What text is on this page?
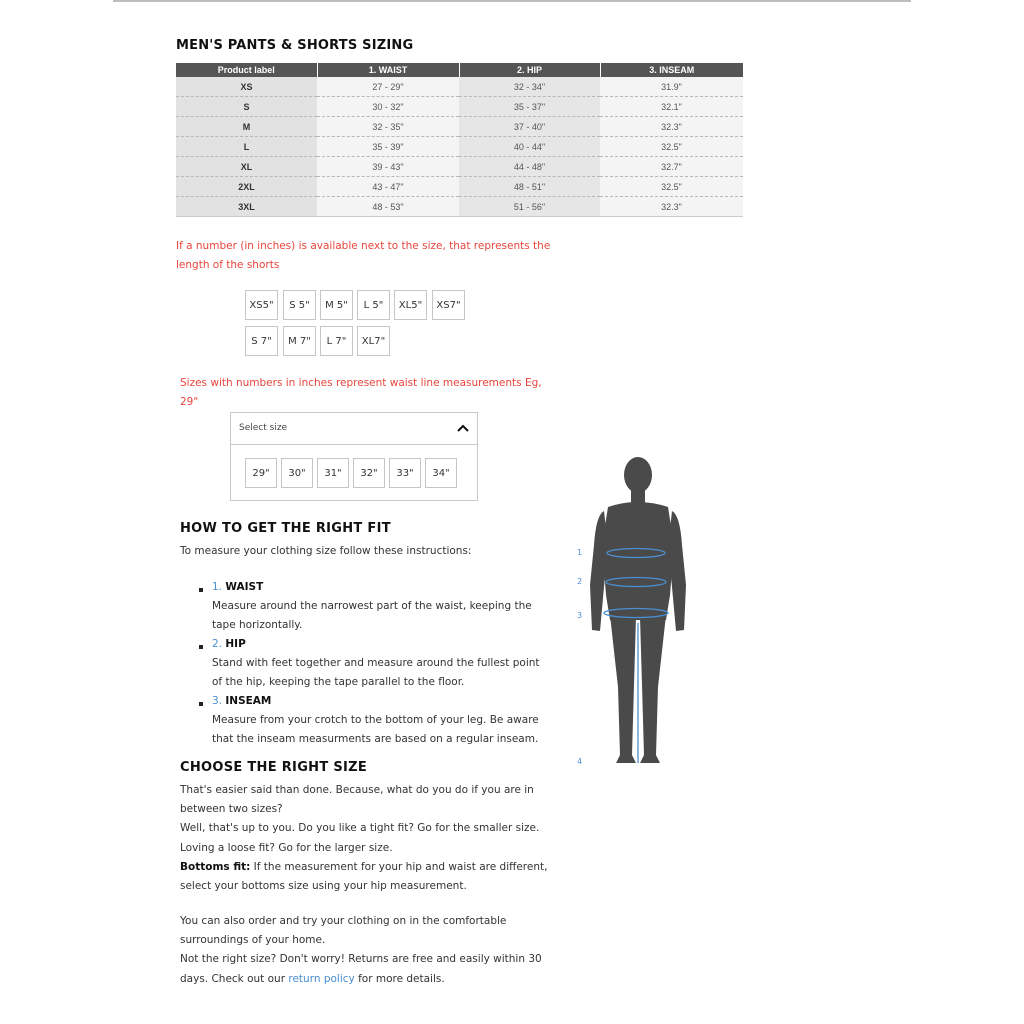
MEN'S PANTS & SHORTS SIZING
Product label	1. WAIST	2. HIP	3. INSEAM
XS	27 - 29"	32 - 34"	31.9"
S	30 - 32"	35 - 37"	32.1"
M	32 - 35"	37 - 40"	32.3"
L	35 - 39"	40 - 44"	32.5"
XL	39 - 43"	44 - 48"	32.7"
2XL	43 - 47"	48 - 51"	32.5"
3XL	48 - 53"	51 - 56"	32.3"
If a number (in inches) is available next to the size, that represents the
length of the shorts
XS5"	S 5"	M 5"	L 5"	XL5"	XS7"
S 7"	M 7"	L 7"	XL7"
Sizes with numbers in inches represent waist line measurements Eg,
29"
Select size
29"	30"	31"	32"	33"	34"
HOW TO GET THE RIGHT FIT
To measure your clothing size follow these instructions:
1. WAIST
Measure around the narrowest part of the waist, keeping the
tape horizontally.
2. HIP
Stand with feet together and measure around the fullest point
of the hip, keeping the tape parallel to the floor.
3. INSEAM
Measure from your crotch to the bottom of your leg. Be aware
that the inseam measurments are based on a regular inseam.
CHOOSE THE RIGHT SIZE
That's easier said than done. Because, what do you do if you are in
between two sizes?
Well, that's up to you. Do you like a tight fit? Go for the smaller size.
Loving a loose fit? Go for the larger size.
Bottoms fit: If the measurement for your hip and waist are different,
select your bottoms size using your hip measurement.
You can also order and try your clothing on in the comfortable
surroundings of your home.
Not the right size? Don't worry! Returns are free and easily within 30
days. Check out our return policy for more details.
1
2
3
4
